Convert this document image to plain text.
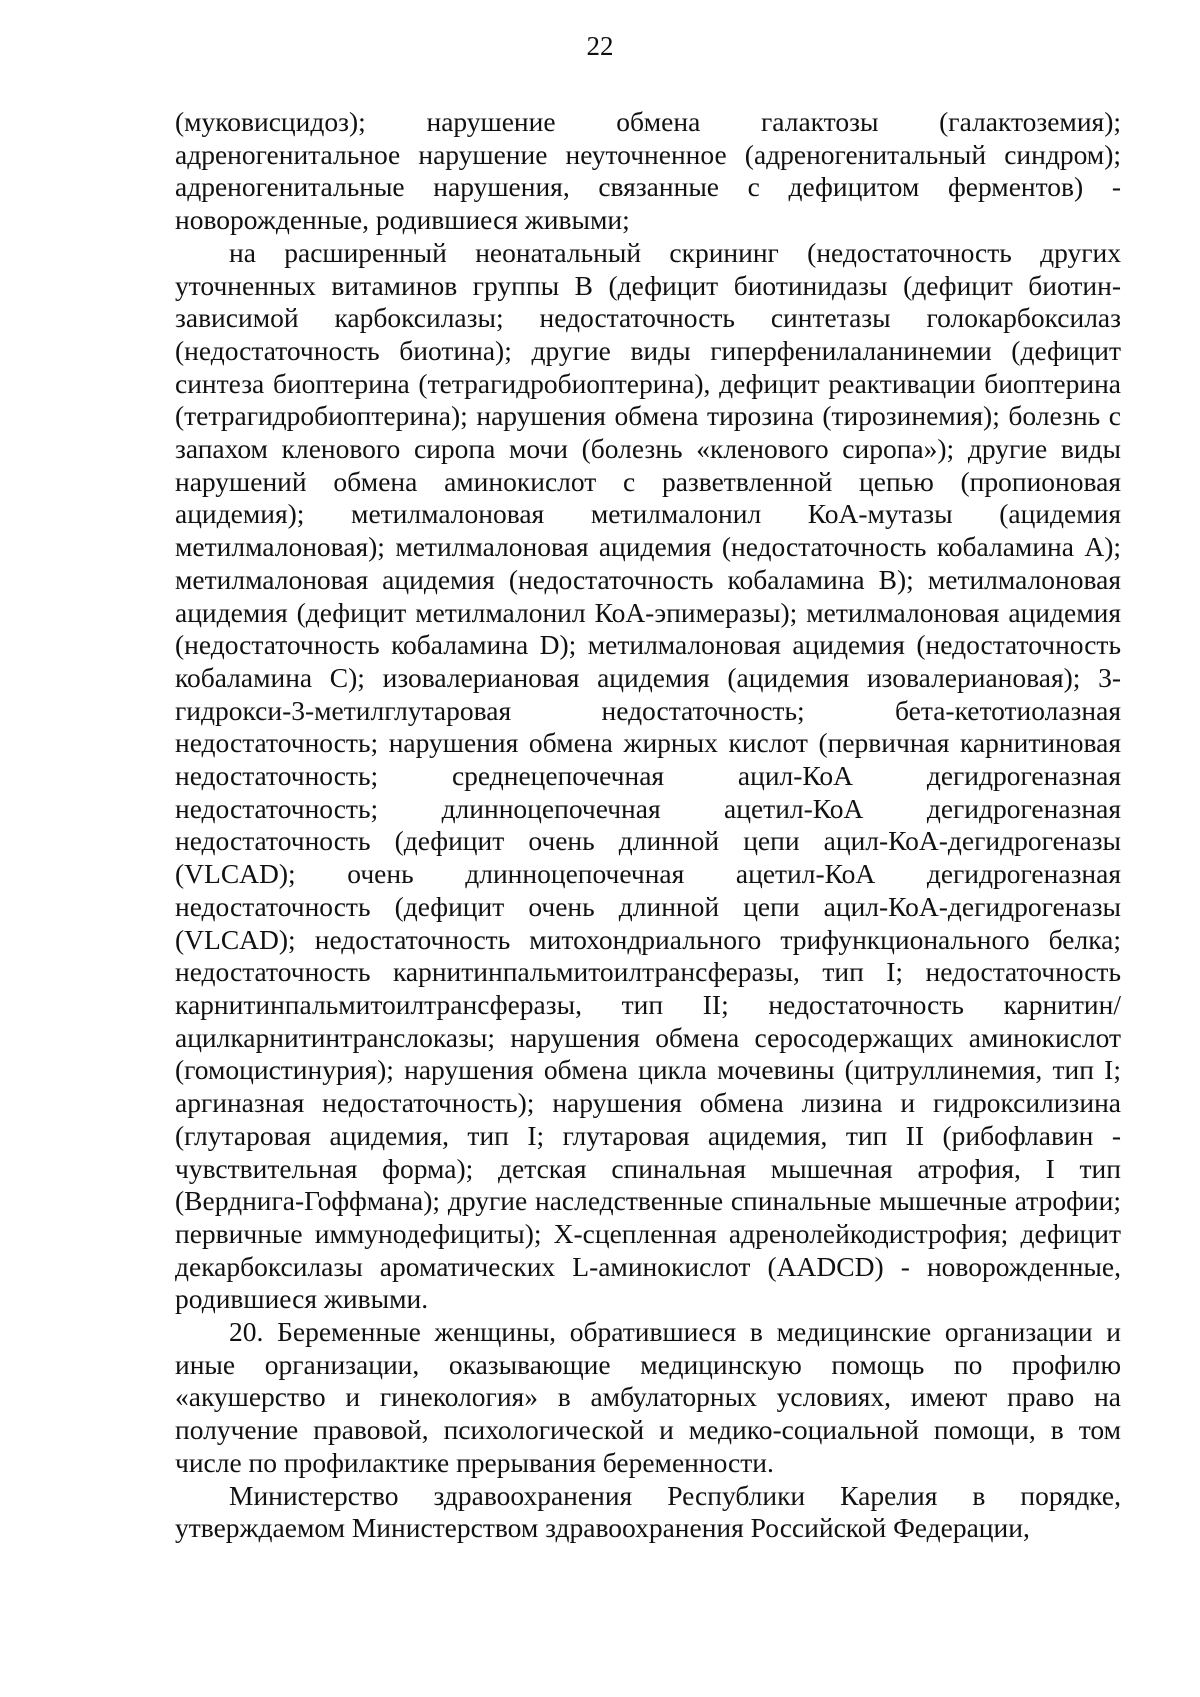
22

(муковисцидоз); нарушение обмена галактозы (галактоземия); адреногенитальное нарушение неуточненное (адреногенитальный синдром); адреногенитальные нарушения, связанные с дефицитом ферментов) - новорожденные, родившиеся живыми;

на расширенный неонатальный скрининг (недостаточность других уточненных витаминов группы B (дефицит биотинидазы (дефицит биотин-зависимой карбоксилазы; недостаточность синтетазы голокарбоксилаз (недостаточность биотина); другие виды гиперфенилаланинемии (дефицит синтеза биоптерина (тетрагидробиоптерина), дефицит реактивации биоптерина (тетрагидробиоптерина); нарушения обмена тирозина (тирозинемия); болезнь с запахом кленового сиропа мочи (болезнь «кленового сиропа»); другие виды нарушений обмена аминокислот с разветвленной цепью (пропионовая ацидемия); метилмалоновая метилмалонил КоА-мутазы (ацидемия метилмалоновая); метилмалоновая ацидемия (недостаточность кобаламина A); метилмалоновая ацидемия (недостаточность кобаламина B); метилмалоновая ацидемия (дефицит метилмалонил КоА-эпимеразы); метилмалоновая ацидемия (недостаточность кобаламина D); метилмалоновая ацидемия (недостаточность кобаламина C); изовалериановая ацидемия (ацидемия изовалериановая); 3-гидрокси-3-метилглутаровая недостаточность; бета-кетотиолазная недостаточность; нарушения обмена жирных кислот (первичная карнитиновая недостаточность; среднецепочечная ацил-КоА дегидрогеназная недостаточность; длинноцепочечная ацетил-КоА дегидрогеназная недостаточность (дефицит очень длинной цепи ацил-КоА-дегидрогеназы (VLCAD); очень длинноцепочечная ацетил-КоА дегидрогеназная недостаточность (дефицит очень длинной цепи ацил-КоА-дегидрогеназы (VLCAD); недостаточность митохондриального трифункционального белка; недостаточность карнитинпальмитоилтрансферазы, тип I; недостаточность карнитинпальмитоилтрансферазы, тип II; недостаточность карнитин/ацилкарнитинтранслоказы; нарушения обмена серосодержащих аминокислот (гомоцистинурия); нарушения обмена цикла мочевины (цитруллинемия, тип I; аргиназная недостаточность); нарушения обмена лизина и гидроксилизина (глутаровая ацидемия, тип I; глутаровая ацидемия, тип II (рибофлавин - чувствительная форма); детская спинальная мышечная атрофия, I тип (Верднига-Гоффмана); другие наследственные спинальные мышечные атрофии; первичные иммунодефициты); X-сцепленная адренолейкодистрофия; дефицит декарбоксилазы ароматических L-аминокислот (AADCD) - новорожденные, родившиеся живыми.

20. Беременные женщины, обратившиеся в медицинские организации и иные организации, оказывающие медицинскую помощь по профилю «акушерство и гинекология» в амбулаторных условиях, имеют право на получение правовой, психологической и медико-социальной помощи, в том числе по профилактике прерывания беременности.

Министерство здравоохранения Республики Карелия в порядке, утверждаемом Министерством здравоохранения Российской Федерации,
